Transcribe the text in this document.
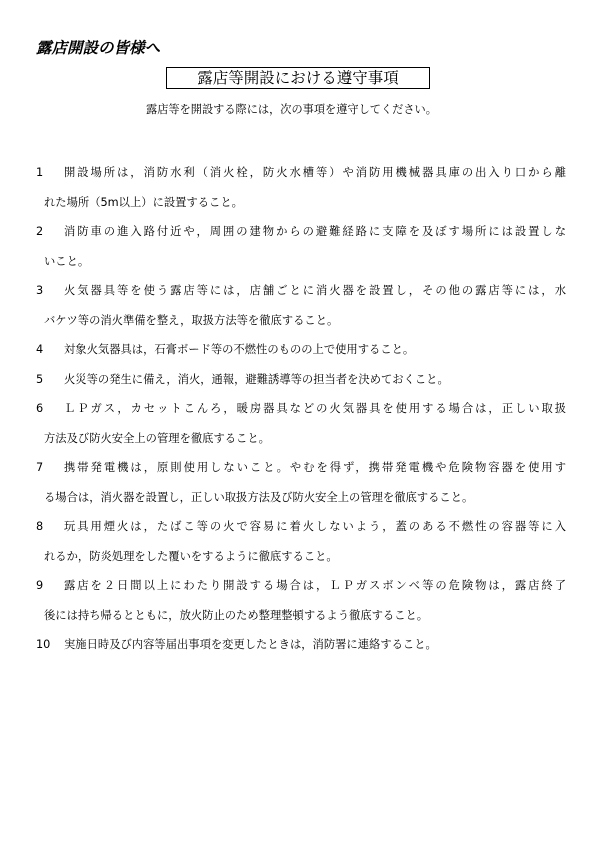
露店開設の皆様へ
露店等開設における遵守事項
露店等を開設する際には，次の事項を遵守してください。
1	開設場所は，消防水利（消火栓，防火水槽等）や消防用機械器具庫の出入り口から離
れた場所（5m以上）に設置すること。
2	消防車の進入路付近や，周囲の建物からの避難経路に支障を及ぼす場所には設置しな
いこと。
3	火気器具等を使う露店等には，店舗ごとに消火器を設置し，その他の露店等には，水
バケツ等の消火準備を整え，取扱方法等を徹底すること。
4	対象火気器具は，石膏ボード等の不燃性のものの上で使用すること。
5	火災等の発生に備え，消火，通報，避難誘導等の担当者を決めておくこと。
6	ＬＰガス，カセットこんろ，暖房器具などの火気器具を使用する場合は，正しい取扱
方法及び防火安全上の管理を徹底すること。
7	携帯発電機は，原則使用しないこと。やむを得ず，携帯発電機や危険物容器を使用す
る場合は，消火器を設置し，正しい取扱方法及び防火安全上の管理を徹底すること。
8	玩具用煙火は，たばこ等の火で容易に着火しないよう，蓋のある不燃性の容器等に入
れるか，防炎処理をした覆いをするように徹底すること。
9	露店を２日間以上にわたり開設する場合は，ＬＰガスボンベ等の危険物は，露店終了
後には持ち帰るとともに，放火防止のため整理整頓するよう徹底すること。
10	実施日時及び内容等届出事項を変更したときは，消防署に連絡すること。
